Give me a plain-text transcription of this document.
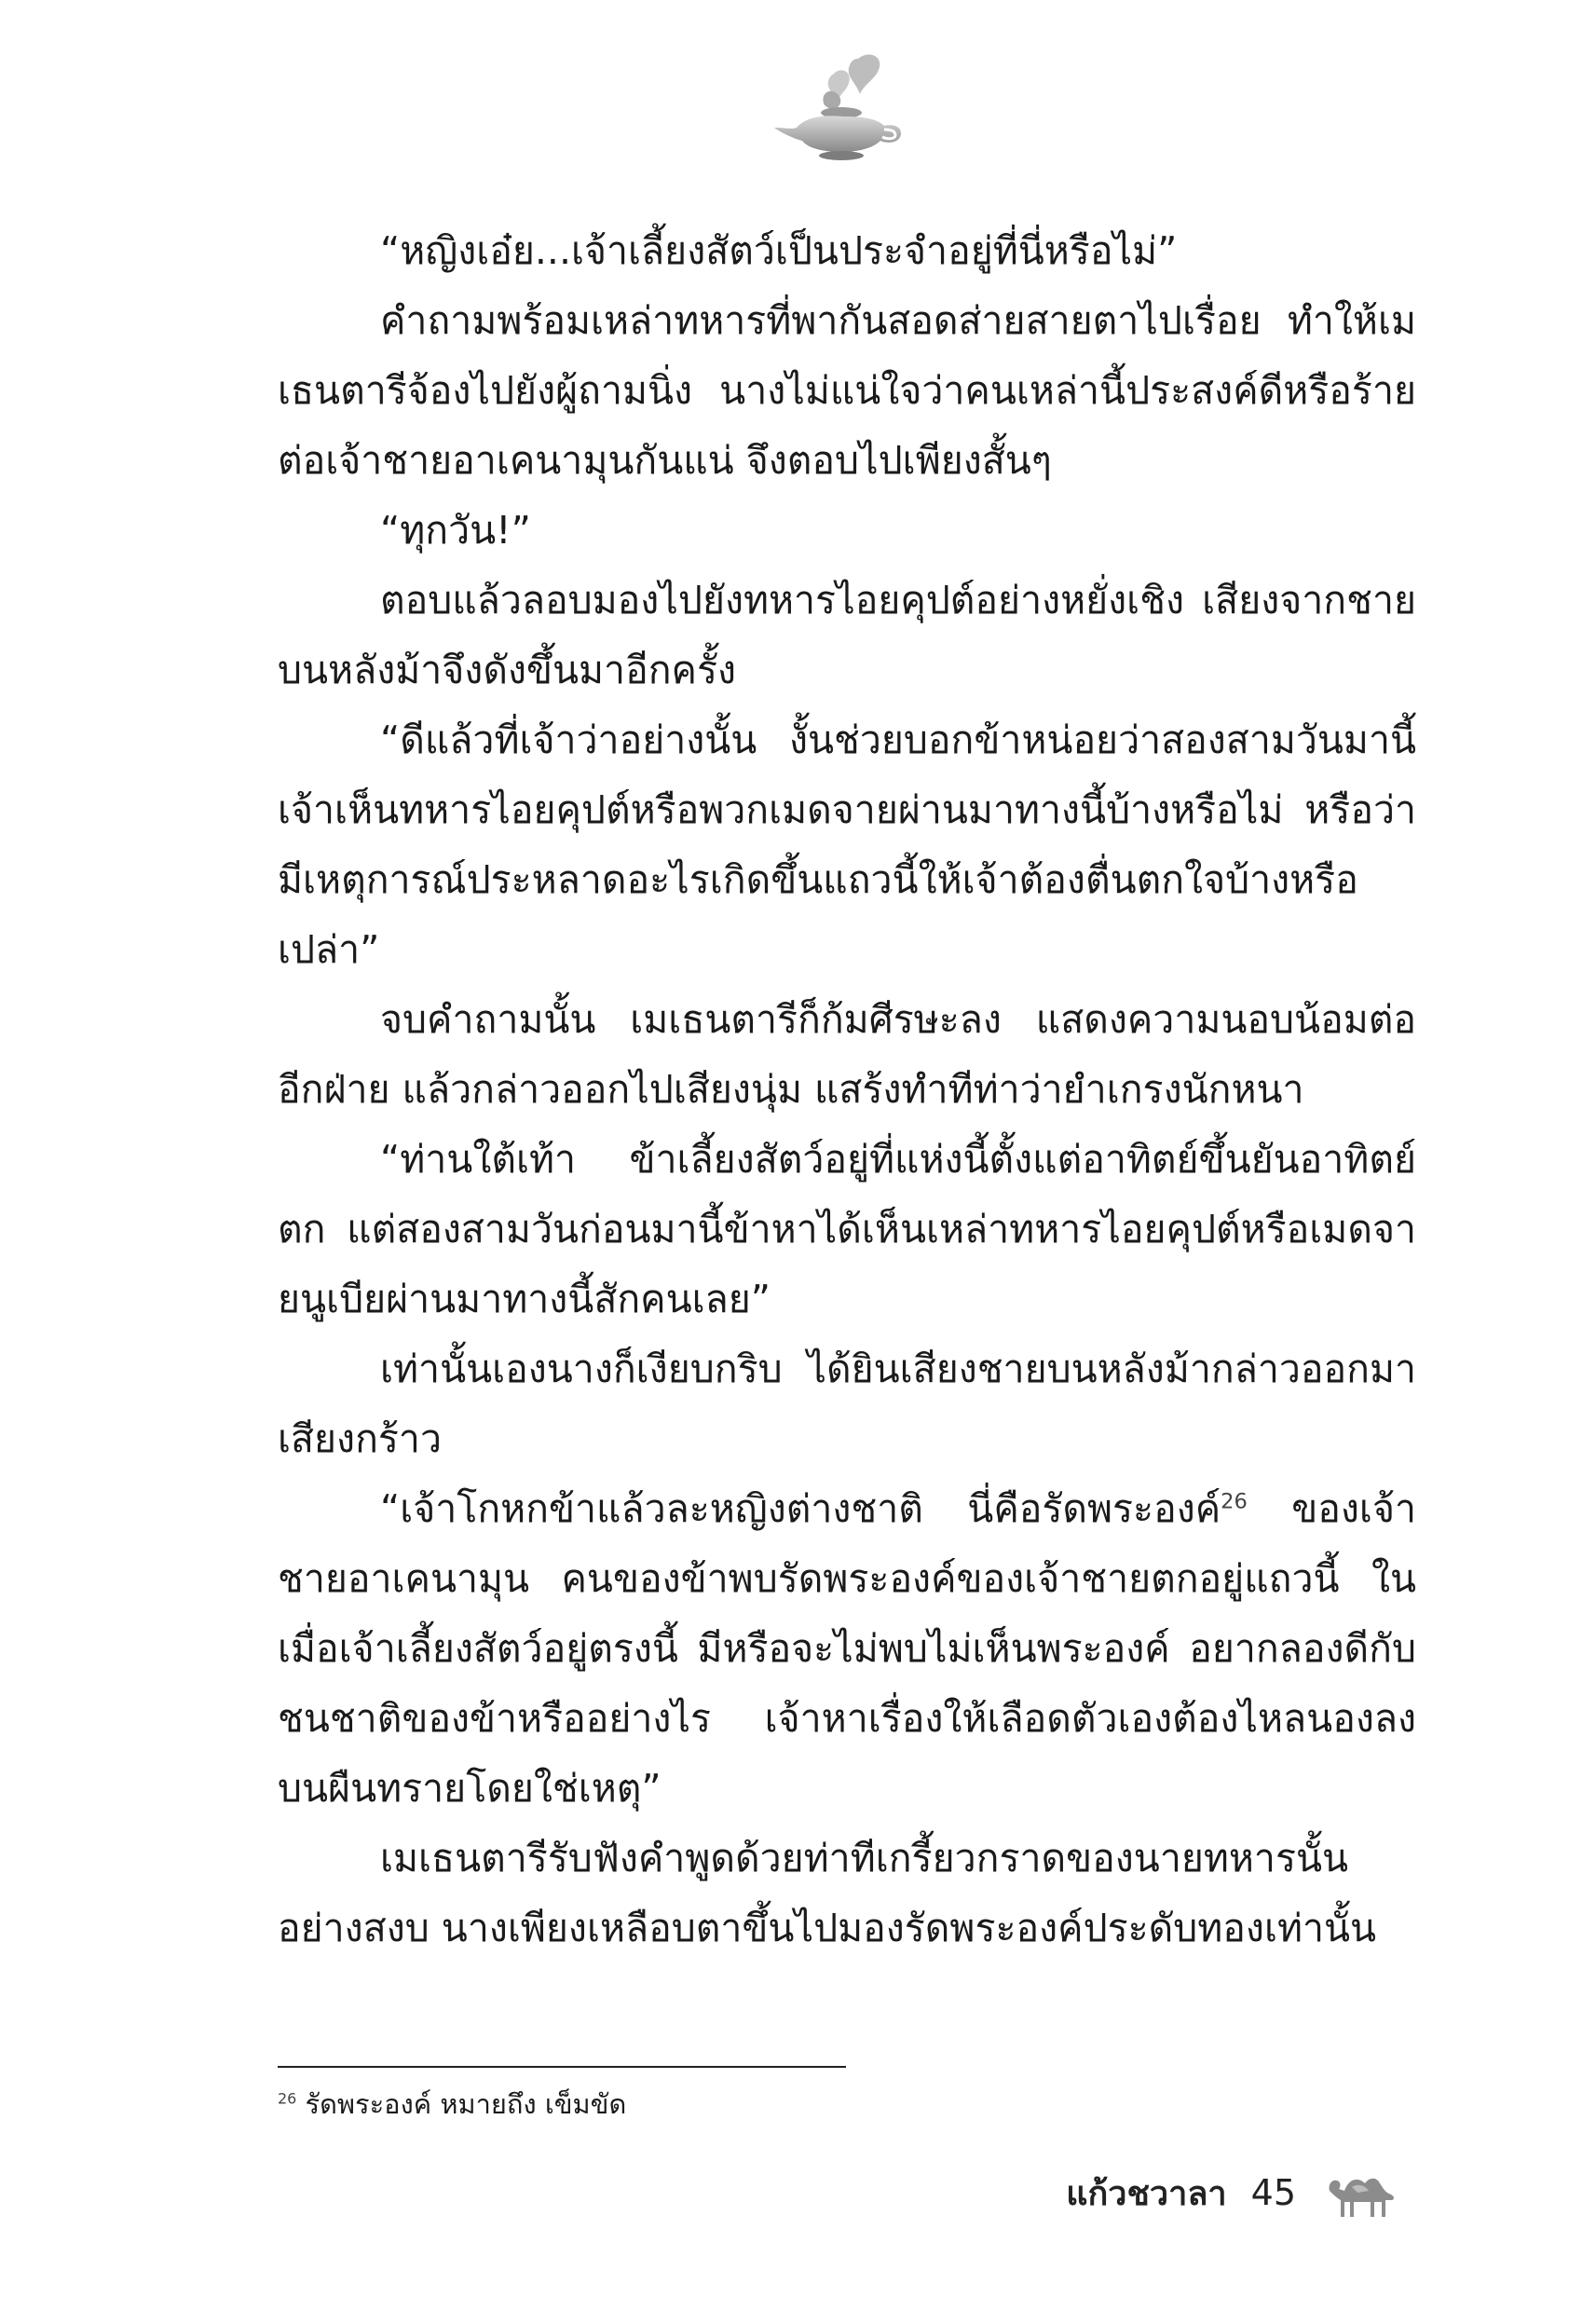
“หญิงเอ๋ย...เจ้าเลี้ยงสัตว์เป็นประจำอยู่ที่นี่หรือไม่”

คำถามพร้อมเหล่าทหารที่พากันสอดส่ายสายตาไปเรื่อย ทำให้เมเธนตารีจ้องไปยังผู้ถามนิ่ง นางไม่แน่ใจว่าคนเหล่านี้ประสงค์ดีหรือร้ายต่อเจ้าชายอาเคนามุนกันแน่ จึงตอบไปเพียงสั้นๆ

“ทุกวัน!”

ตอบแล้วลอบมองไปยังทหารไอยคุปต์อย่างหยั่งเชิง เสียงจากชายบนหลังม้าจึงดังขึ้นมาอีกครั้ง

“ดีแล้วที่เจ้าว่าอย่างนั้น งั้นช่วยบอกข้าหน่อยว่าสองสามวันมานี้เจ้าเห็นทหารไอยคุปต์หรือพวกเมดจายผ่านมาทางนี้บ้างหรือไม่ หรือว่ามีเหตุการณ์ประหลาดอะไรเกิดขึ้นแถวนี้ให้เจ้าต้องตื่นตกใจบ้างหรือเปล่า”

จบคำถามนั้น เมเธนตารีก็ก้มศีรษะลง แสดงความนอบน้อมต่ออีกฝ่าย แล้วกล่าวออกไปเสียงนุ่ม แสร้งทำทีท่าว่ายำเกรงนักหนา

“ท่านใต้เท้า ข้าเลี้ยงสัตว์อยู่ที่แห่งนี้ตั้งแต่อาทิตย์ขึ้นยันอาทิตย์ตก แต่สองสามวันก่อนมานี้ข้าหาได้เห็นเหล่าทหารไอยคุปต์หรือเมดจายนูเบียผ่านมาทางนี้สักคนเลย”

เท่านั้นเองนางก็เงียบกริบ ได้ยินเสียงชายบนหลังม้ากล่าวออกมาเสียงกร้าว

“เจ้าโกหกข้าแล้วละหญิงต่างชาติ นี่คือรัดพระองค์$^{26}$ ของเจ้าชายอาเคนามุน คนของข้าพบรัดพระองค์ของเจ้าชายตกอยู่แถวนี้ ในเมื่อเจ้าเลี้ยงสัตว์อยู่ตรงนี้ มีหรือจะไม่พบไม่เห็นพระองค์ อยากลองดีกับชนชาติของข้าหรืออย่างไร เจ้าหาเรื่องให้เลือดตัวเองต้องไหลนองลงบนผืนทรายโดยใช่เหตุ”

เมเธนตารีรับฟังคำพูดด้วยท่าทีเกรี้ยวกราดของนายทหารนั้นอย่างสงบ นางเพียงเหลือบตาขึ้นไปมองรัดพระองค์ประดับทองเท่านั้น

$^{26}$ รัดพระองค์ หมายถึง เข็มขัด
แก้วชวาลา 45
